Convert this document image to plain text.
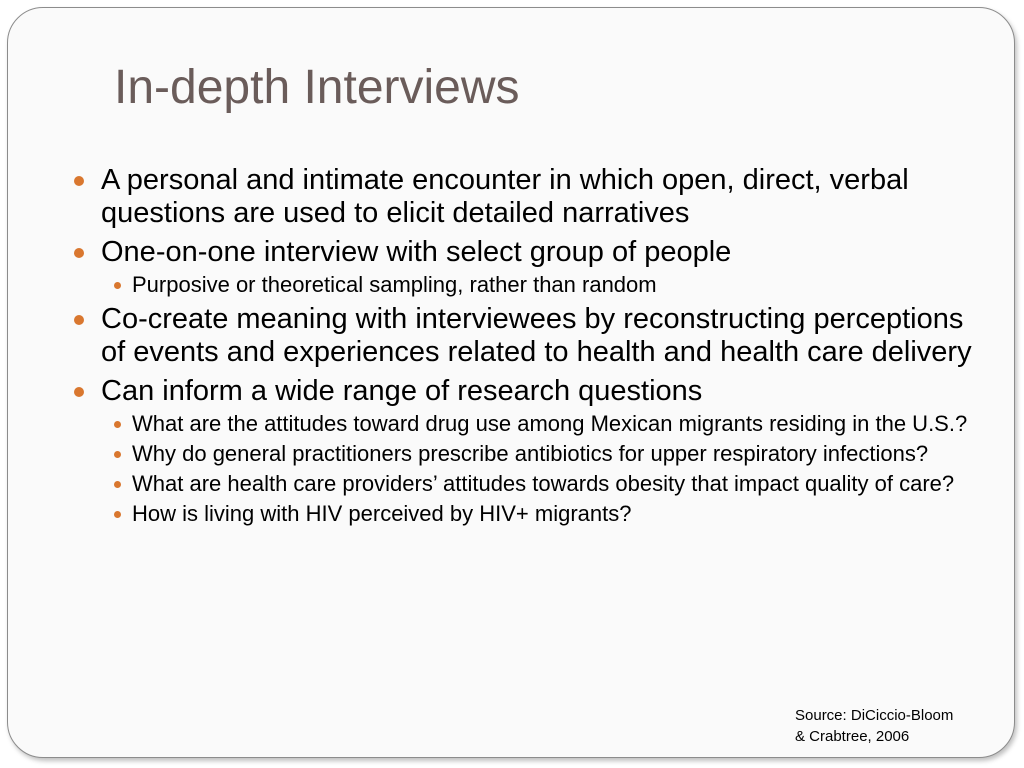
In-depth Interviews
A personal and intimate encounter in which open, direct, verbal questions are used to elicit detailed narratives
One-on-one interview with select group of people
Purposive or theoretical sampling, rather than random
Co-create meaning with interviewees by reconstructing perceptions of events and experiences related to health and health care delivery
Can inform a wide range of research questions
What are the attitudes toward drug use among Mexican migrants residing in the U.S.?
Why do general practitioners prescribe antibiotics for upper respiratory infections?
What are health care providers’ attitudes towards obesity that impact quality of care?
How is living with HIV perceived by HIV+ migrants?
Source: DiCiccio-Bloom
& Crabtree, 2006
